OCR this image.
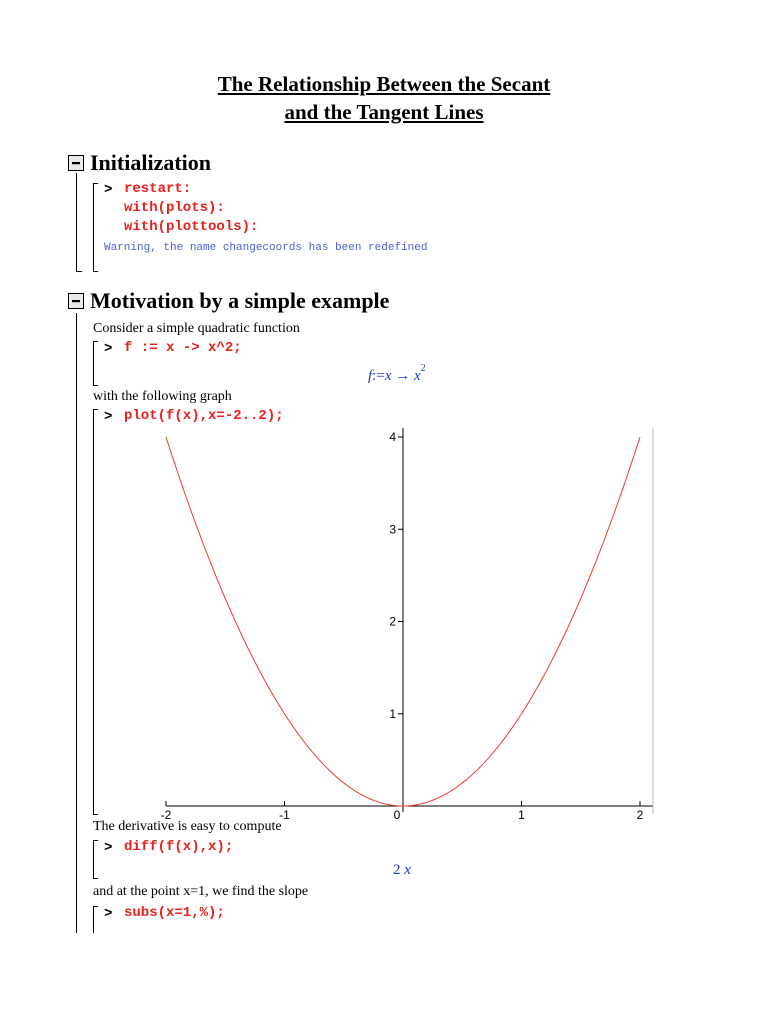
The Relationship Between the Secant
and the Tangent Lines
Initialization
> restart:
with(plots):
with(plottools):
Warning, the name changecoords has been redefined
Motivation by a simple example
Consider a simple quadratic function
> f := x -> x^2;
f:=x → $x^2$
with the following graph
> plot(f(x),x=-2..2);
1
2
3
4
-2	-1	0	1	2
The derivative is easy to compute
> diff(f(x),x);
2 x
and at the point x=1, we find the slope
> subs(x=1,%);
